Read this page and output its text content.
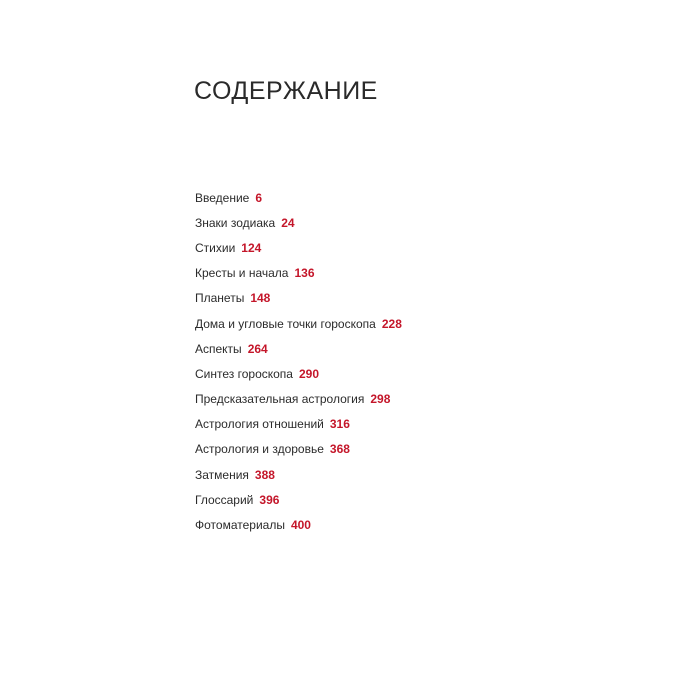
СОДЕРЖАНИЕ
Введение 6
Знаки зодиака 24
Стихии 124
Кресты и начала 136
Планеты 148
Дома и угловые точки гороскопа 228
Аспекты 264
Синтез гороскопа 290
Предсказательная астрология 298
Астрология отношений 316
Астрология и здоровье 368
Затмения 388
Глоссарий 396
Фотоматериалы 400
